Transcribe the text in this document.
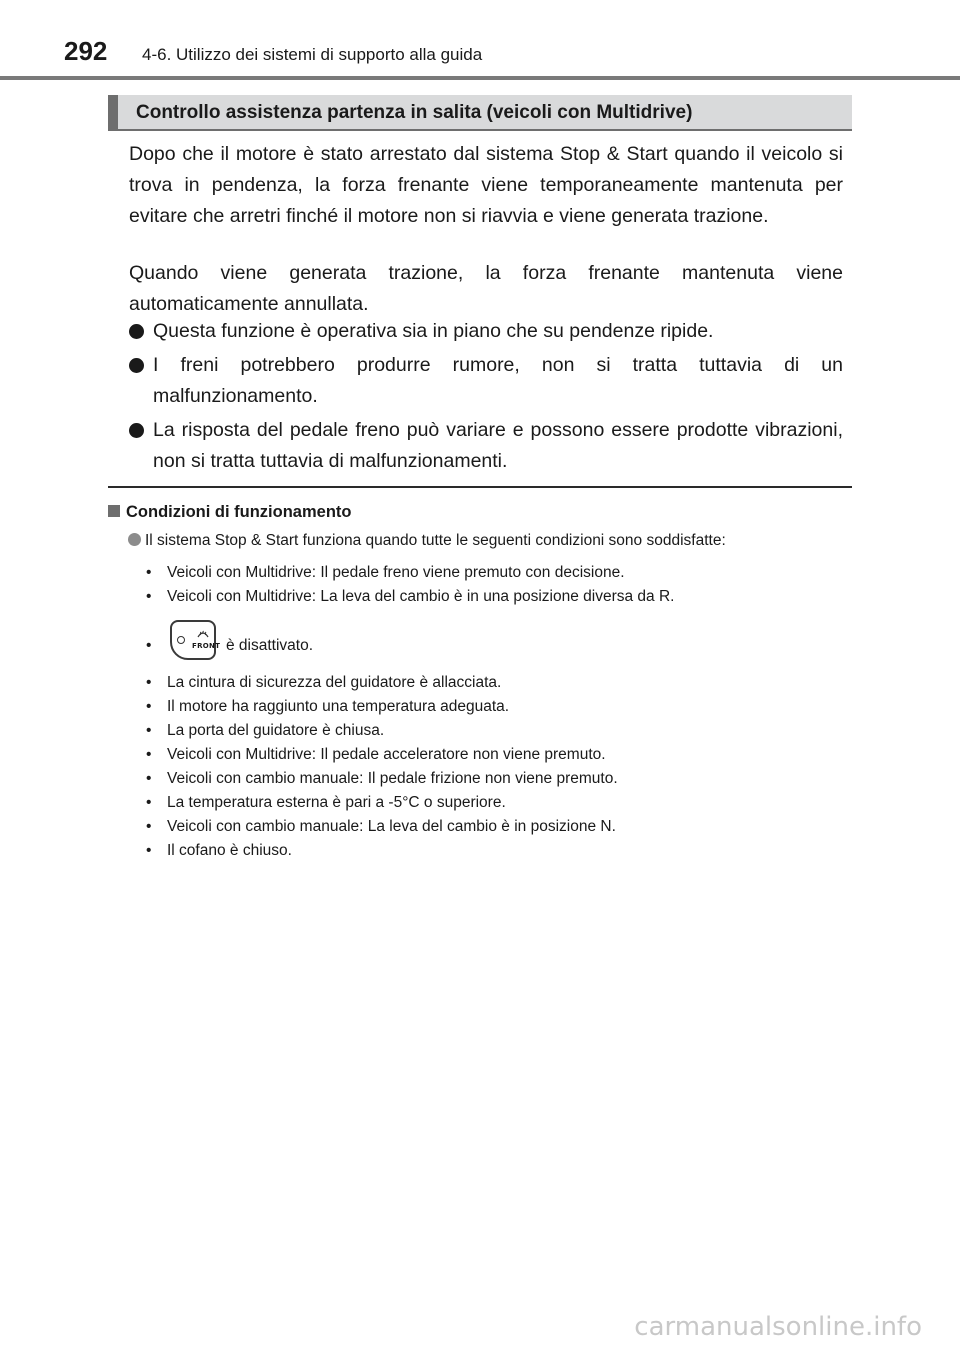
292 4-6. Utilizzo dei sistemi di supporto alla guida
Controllo assistenza partenza in salita (veicoli con Multidrive)

Dopo che il motore è stato arrestato dal sistema Stop & Start quando il veicolo si trova in pendenza, la forza frenante viene temporaneamente mantenuta per evitare che arretri finché il motore non si riavvia e viene generata trazione.

Quando viene generata trazione, la forza frenante mantenuta viene automaticamente annullata.

Questa funzione è operativa sia in piano che su pendenze ripide.
I freni potrebbero produrre rumore, non si tratta tuttavia di un malfunzionamento.
La risposta del pedale freno può variare e possono essere prodotte vibrazioni, non si tratta tuttavia di malfunzionamenti.
Condizioni di funzionamento
Il sistema Stop & Start funziona quando tutte le seguenti condizioni sono soddisfatte:
• Veicoli con Multidrive: Il pedale freno viene premuto con decisione.
• Veicoli con Multidrive: La leva del cambio è in una posizione diversa da R.
•	FRONT è disattivato.
• La cintura di sicurezza del guidatore è allacciata.
• Il motore ha raggiunto una temperatura adeguata.
• La porta del guidatore è chiusa.
• Veicoli con Multidrive: Il pedale acceleratore non viene premuto.
• Veicoli con cambio manuale: Il pedale frizione non viene premuto.
• La temperatura esterna è pari a -5°C o superiore.
• Veicoli con cambio manuale: La leva del cambio è in posizione N.
• Il cofano è chiuso.
carmanualsonline.info
